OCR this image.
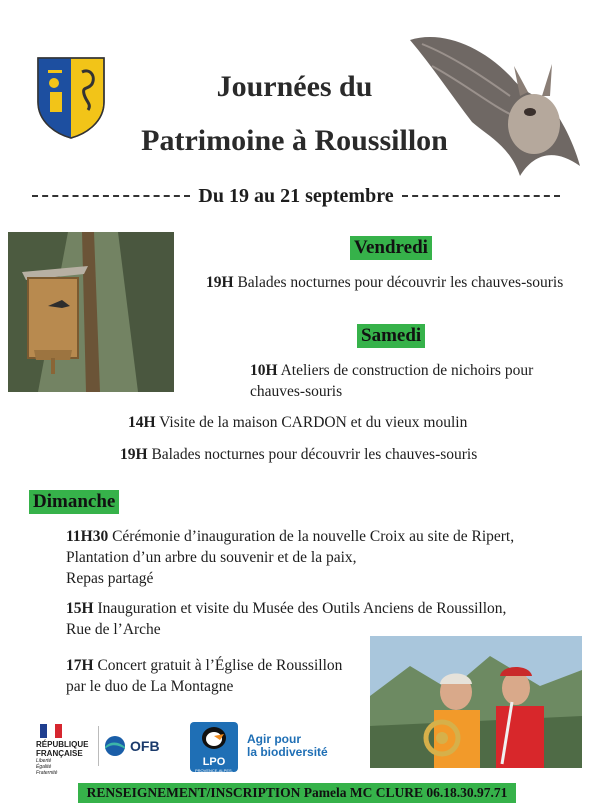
Journées du
Patrimoine à Roussillon
Du 19 au 21 septembre
Vendredi
19H Balades nocturnes pour découvrir les chauves-souris
Samedi
10H Ateliers de construction de nichoirs pour
chauves-souris
14H Visite de la maison CARDON et du vieux moulin
19H Balades nocturnes pour découvrir les chauves-souris
Dimanche
11H30 Cérémonie d’inauguration de la nouvelle Croix au site de Ripert,
Plantation d’un arbre du souvenir et de la paix,
Repas partagé
15H Inauguration et visite du Musée des Outils Anciens de Roussillon,
Rue de l’Arche
17H Concert gratuit à l’Église de Roussillon
par le duo de La Montagne
RÉPUBLIQUE
FRANÇAISE
Liberté
Égalité
Fraternité
OFB
LPO
PROVENCE-ALPES-CÔTE D'AZUR
Agir pour
la biodiversité
RENSEIGNEMENT/INSCRIPTION Pamela MC CLURE 06.18.30.97.71
